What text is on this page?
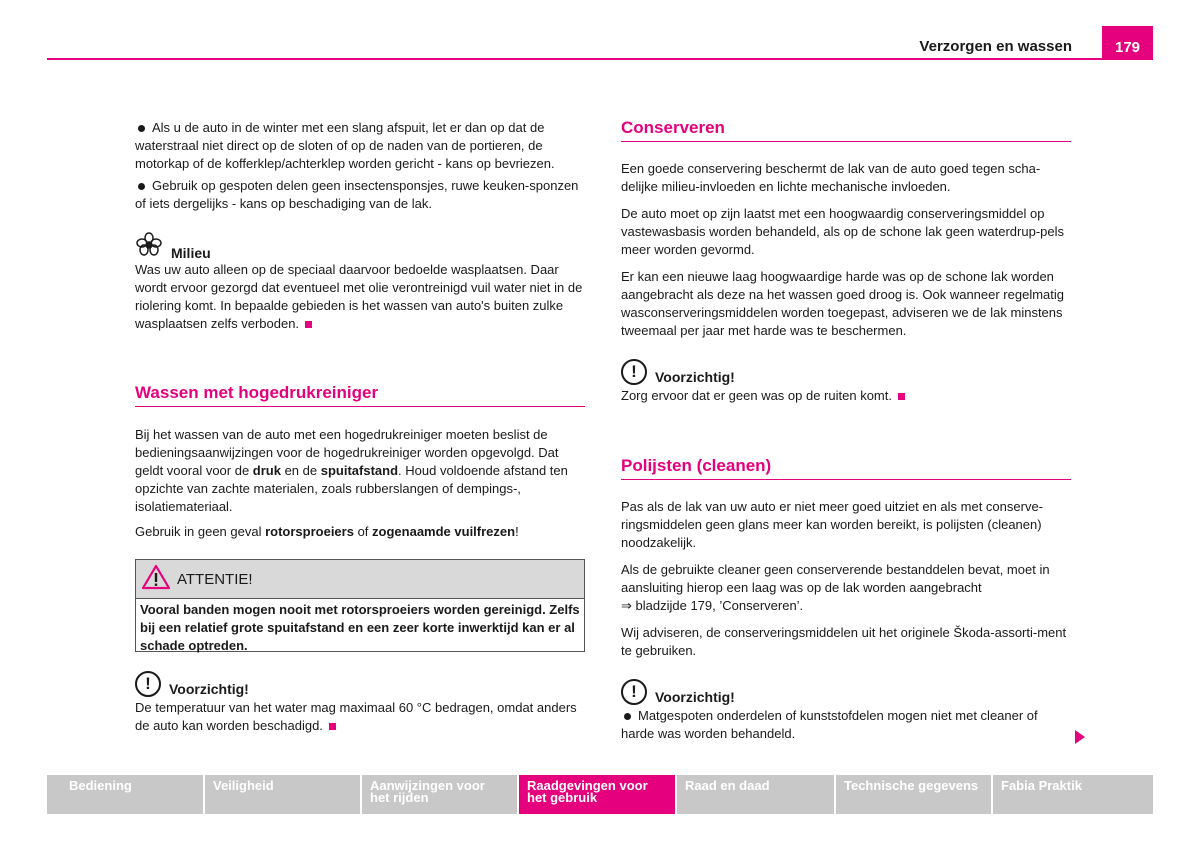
Verzorgen en wassen	179

Als u de auto in de winter met een slang afspuit, let er dan op dat de waterstraal niet direct op de sloten of op de naden van de portieren, de motorkap of de kofferklep/achterklep worden gericht - kans op bevriezen.

Gebruik op gespoten delen geen insectensponsjes, ruwe keuken-sponzen of iets dergelijks - kans op beschadiging van de lak.

Milieu

Was uw auto alleen op de speciaal daarvoor bedoelde wasplaatsen. Daar wordt ervoor gezorgd dat eventueel met olie verontreinigd vuil water niet in de riolering komt. In bepaalde gebieden is het wassen van auto's buiten zulke wasplaatsen zelfs verboden.

Wassen met hogedrukreiniger

Bij het wassen van de auto met een hogedrukreiniger moeten beslist de bedieningsaanwijzingen voor de hogedrukreiniger worden opgevolgd. Dat geldt vooral voor de druk en de spuitafstand. Houd voldoende afstand ten opzichte van zachte materialen, zoals rubberslangen of dempings-, isolatiemateriaal.

Gebruik in geen geval rotorsproeiers of zogenaamde vuilfrezen!

ATTENTIE!
Vooral banden mogen nooit met rotorsproeiers worden gereinigd. Zelfs bij een relatief grote spuitafstand en een zeer korte inwerktijd kan er al schade optreden.
!	Voorzichtig!

De temperatuur van het water mag maximaal 60 °C bedragen, omdat anders de auto kan worden beschadigd.

Conserveren

Een goede conservering beschermt de lak van de auto goed tegen scha-delijke milieu-invloeden en lichte mechanische invloeden.

De auto moet op zijn laatst met een hoogwaardig conserveringsmiddel op vastewasbasis worden behandeld, als op de schone lak geen waterdrup-pels meer worden gevormd.

Er kan een nieuwe laag hoogwaardige harde was op de schone lak worden aangebracht als deze na het wassen goed droog is. Ook wanneer regelmatig wasconserveringsmiddelen worden toegepast, adviseren we de lak minstens tweemaal per jaar met harde was te beschermen.

!	Voorzichtig!

Zorg ervoor dat er geen was op de ruiten komt.

Polijsten (cleanen)

Pas als de lak van uw auto er niet meer goed uitziet en als met conserve-ringsmiddelen geen glans meer kan worden bereikt, is polijsten (cleanen) noodzakelijk.

Als de gebruikte cleaner geen conserverende bestanddelen bevat, moet in aansluiting hierop een laag was op de lak worden aangebracht
⇒ bladzijde 179, ’Conserveren’.

Wij adviseren, de conserveringsmiddelen uit het originele Škoda-assorti-ment te gebruiken.

!	Voorzichtig!

Matgespoten onderdelen of kunststofdelen mogen niet met cleaner of harde was worden behandeld.

Bediening	Veiligheid	Aanwijzingen voor het rijden
Raadgevingen voor het gebruik
Raad en daad	Technische gegevens	Fabia Praktik
